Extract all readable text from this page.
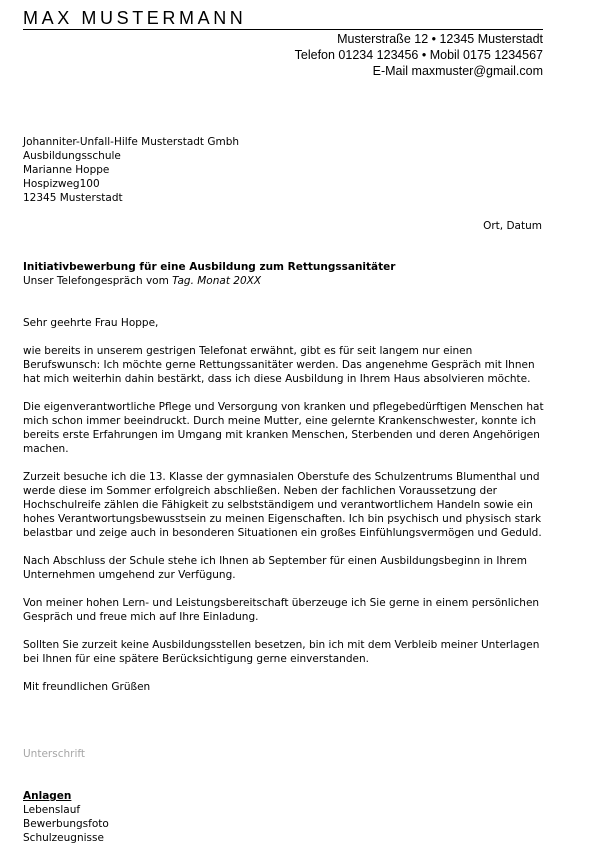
MAX MUSTERMANN
Musterstraße 12 • 12345 Musterstadt
Telefon 01234 123456 • Mobil 0175 1234567
E-Mail maxmuster@gmail.com
Johanniter-Unfall-Hilfe Musterstadt Gmbh
Ausbildungsschule
Marianne Hoppe
Hospizweg100
12345 Musterstadt
Ort, Datum
Initiativbewerbung für eine Ausbildung zum Rettungssanitäter
Unser Telefongespräch vom Tag. Monat 20XX

Sehr geehrte Frau Hoppe,

wie bereits in unserem gestrigen Telefonat erwähnt, gibt es für seit langem nur einen Berufswunsch: Ich möchte gerne Rettungssanitäter werden. Das angenehme Gespräch mit Ihnen hat mich weiterhin dahin bestärkt, dass ich diese Ausbildung in Ihrem Haus absolvieren möchte.

Die eigenverantwortliche Pflege und Versorgung von kranken und pflegebedürftigen Menschen hat mich schon immer beeindruckt. Durch meine Mutter, eine gelernte Krankenschwester, konnte ich bereits erste Erfahrungen im Umgang mit kranken Menschen, Sterbenden und deren Angehörigen machen.

Zurzeit besuche ich die 13. Klasse der gymnasialen Oberstufe des Schulzentrums Blumenthal und werde diese im Sommer erfolgreich abschließen. Neben der fachlichen Voraussetzung der Hochschulreife zählen die Fähigkeit zu selbstständigem und verantwortlichem Handeln sowie ein hohes Verantwortungsbewusstsein zu meinen Eigenschaften. Ich bin psychisch und physisch stark belastbar und zeige auch in besonderen Situationen ein großes Einfühlungsvermögen und Geduld.

Nach Abschluss der Schule stehe ich Ihnen ab September für einen Ausbildungsbeginn in Ihrem Unternehmen umgehend zur Verfügung.

Von meiner hohen Lern- und Leistungsbereitschaft überzeuge ich Sie gerne in einem persönlichen Gespräch und freue mich auf Ihre Einladung.

Sollten Sie zurzeit keine Ausbildungsstellen besetzen, bin ich mit dem Verbleib meiner Unterlagen bei Ihnen für eine spätere Berücksichtigung gerne einverstanden.

Mit freundlichen Grüßen

Unterschrift
Anlagen
Lebenslauf
Bewerbungsfoto
Schulzeugnisse
